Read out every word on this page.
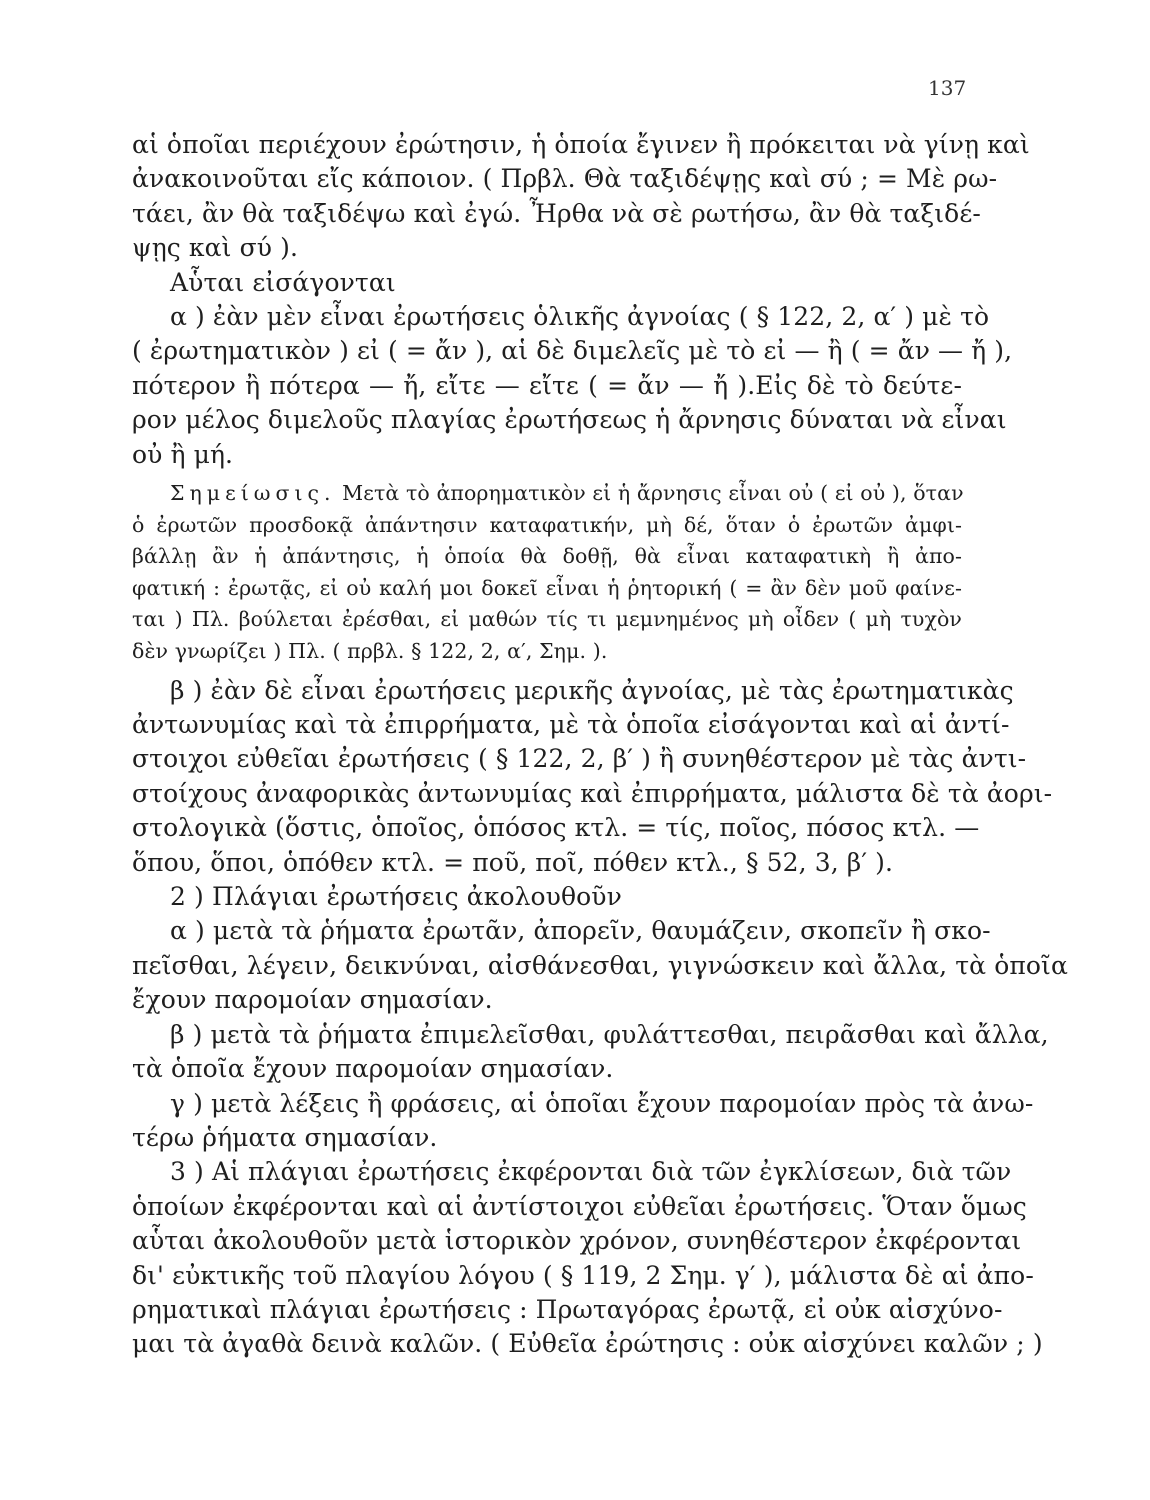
137
αἱ ὁποῖαι περιέχουν ἐρώτησιν, ἡ ὁποία ἔγινεν ἢ πρόκειται νὰ γίνῃ καὶ
ἀνακοινοῦται εἴς κάποιον. ( Πρβλ. Θὰ ταξιδέψῃς καὶ σύ ; = Μὲ ρω-
τάει, ἂν θὰ ταξιδέψω καὶ ἐγώ. Ἦρθα νὰ σὲ ρωτήσω, ἂν θὰ ταξιδέ-
ψῃς καὶ σύ ).
Αὗται εἰσάγονται
α ) ἐὰν μὲν εἶναι ἐρωτήσεις ὁλικῆς ἀγνοίας ( § 122, 2, α′ ) μὲ τὸ
( ἐρωτηματικὸν ) εἰ ( = ἄν ), αἱ δὲ διμελεῖς μὲ τὸ εἰ — ἢ ( = ἄν — ἤ ),
πότερον ἢ πότερα — ἤ, εἴτε — εἴτε ( = ἄν — ἤ ).Εἰς δὲ τὸ δεύτε-
ρον μέλος διμελοῦς πλαγίας ἐρωτήσεως ἡ ἄρνησις δύναται νὰ εἶναι
οὐ ἢ μή.
Σημείωσις. Μετὰ τὸ ἀπορηματικὸν εἰ ἡ ἄρνησις εἶναι οὐ ( εἰ οὐ ), ὅταν
ὁ ἐρωτῶν προσδοκᾷ ἀπάντησιν καταφατικήν, μὴ δέ, ὅταν ὁ ἐρωτῶν ἀμφι-
βάλλῃ ἂν ἡ ἀπάντησις, ἡ ὁποία θὰ δοθῇ, θὰ εἶναι καταφατικὴ ἢ ἀπο-
φατική : ἐρωτᾷς, εἰ οὐ καλή μοι δοκεῖ εἶναι ἡ ῥητορική ( = ἂν δὲν μοῦ φαίνε-
ται ) Πλ. βούλεται ἐρέσθαι, εἰ μαθών τίς τι μεμνημένος μὴ οἶδεν ( μὴ τυχὸν
δὲν γνωρίζει ) Πλ. ( πρβλ. § 122, 2, α′, Σημ. ).
β ) ἐὰν δὲ εἶναι ἐρωτήσεις μερικῆς ἀγνοίας, μὲ τὰς ἐρωτηματικὰς
ἀντωνυμίας καὶ τὰ ἐπιρρήματα, μὲ τὰ ὁποῖα εἰσάγονται καὶ αἱ ἀντί-
στοιχοι εὐθεῖαι ἐρωτήσεις ( § 122, 2, β′ ) ἢ συνηθέστερον μὲ τὰς ἀντι-
στοίχους ἀναφορικὰς ἀντωνυμίας καὶ ἐπιρρήματα, μάλιστα δὲ τὰ ἀορι-
στολογικὰ (ὅστις, ὁποῖος, ὁπόσος κτλ. = τίς, ποῖος, πόσος κτλ. —
ὅπου, ὅποι, ὁπόθεν κτλ. = ποῦ, ποῖ, πόθεν κτλ., § 52, 3, β′ ).
2 ) Πλάγιαι ἐρωτήσεις ἀκολουθοῦν
α ) μετὰ τὰ ῥήματα ἐρωτᾶν, ἀπορεῖν, θαυμάζειν, σκοπεῖν ἢ σκο-
πεῖσθαι, λέγειν, δεικνύναι, αἰσθάνεσθαι, γιγνώσκειν καὶ ἄλλα, τὰ ὁποῖα
ἔχουν παρομοίαν σημασίαν.
β ) μετὰ τὰ ῥήματα ἐπιμελεῖσθαι, φυλάττεσθαι, πειρᾶσθαι καὶ ἄλλα,
τὰ ὁποῖα ἔχουν παρομοίαν σημασίαν.
γ ) μετὰ λέξεις ἢ φράσεις, αἱ ὁποῖαι ἔχουν παρομοίαν πρὸς τὰ ἀνω-
τέρω ῥήματα σημασίαν.
3 ) Αἱ πλάγιαι ἐρωτήσεις ἐκφέρονται διὰ τῶν ἐγκλίσεων, διὰ τῶν
ὁποίων ἐκφέρονται καὶ αἱ ἀντίστοιχοι εὐθεῖαι ἐρωτήσεις. Ὅταν ὅμως
αὗται ἀκολουθοῦν μετὰ ἱστορικὸν χρόνον, συνηθέστερον ἐκφέρονται
δι' εὐκτικῆς τοῦ πλαγίου λόγου ( § 119, 2 Σημ. γ′ ), μάλιστα δὲ αἱ ἀπο-
ρηματικαὶ πλάγιαι ἐρωτήσεις : Πρωταγόρας ἐρωτᾷ, εἰ οὐκ αἰσχύνο-
μαι τὰ ἀγαθὰ δεινὰ καλῶν. ( Εὐθεῖα ἐρώτησις : οὐκ αἰσχύνει καλῶν ; )
